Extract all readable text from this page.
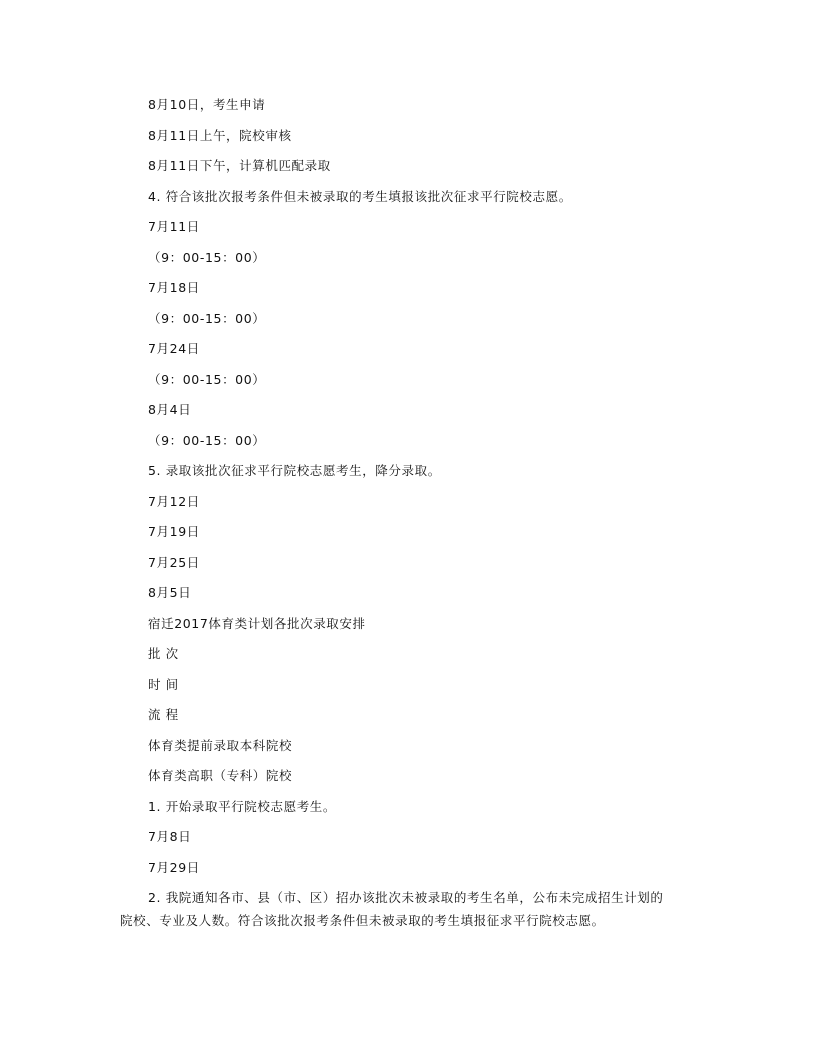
8月10日，考生申请
8月11日上午，院校审核
8月11日下午，计算机匹配录取
4. 符合该批次报考条件但未被录取的考生填报该批次征求平行院校志愿。
7月11日
（9：00-15：00）
7月18日
（9：00-15：00）
7月24日
（9：00-15：00）
8月4日
（9：00-15：00）
5. 录取该批次征求平行院校志愿考生，降分录取。
7月12日
7月19日
7月25日
8月5日
宿迁2017体育类计划各批次录取安排
批 次
时 间
流 程
体育类提前录取本科院校
体育类高职（专科）院校
1. 开始录取平行院校志愿考生。
7月8日
7月29日
2. 我院通知各市、县（市、区）招办该批次未被录取的考生名单，公布未完成招生计划的
院校、专业及人数。符合该批次报考条件但未被录取的考生填报征求平行院校志愿。
